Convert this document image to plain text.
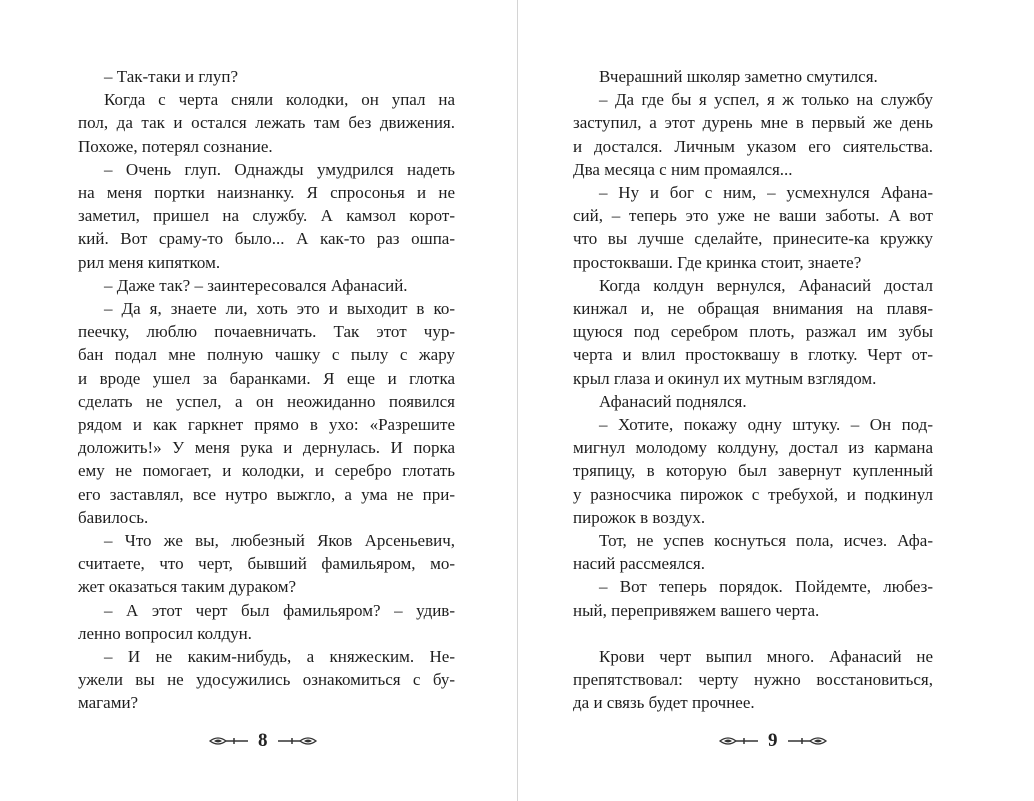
– Так-таки и глуп?
Когда с черта сняли колодки, он упал на
пол, да так и остался лежать там без движения.
Похоже, потерял сознание.
– Очень глуп. Однажды умудрился надеть
на меня портки наизнанку. Я спросонья и не
заметил, пришел на службу. А камзол корот-
кий. Вот сраму-то было... А как-то раз ошпа-
рил меня кипятком.
– Даже так? – заинтересовался Афанасий.
– Да я, знаете ли, хоть это и выходит в ко-
пеечку, люблю почаевничать. Так этот чур-
бан подал мне полную чашку с пылу с жару
и вроде ушел за баранками. Я еще и глотка
сделать не успел, а он неожиданно появился
рядом и как гаркнет прямо в ухо: «Разрешите
доложить!» У меня рука и дернулась. И порка
ему не помогает, и колодки, и серебро глотать
его заставлял, все нутро выжгло, а ума не при-
бавилось.
– Что же вы, любезный Яков Арсеньевич,
считаете, что черт, бывший фамильяром, мо-
жет оказаться таким дураком?
– А этот черт был фамильяром? – удив-
ленно вопросил колдун.
– И не каким-нибудь, а княжеским. Не-
ужели вы не удосужились ознакомиться с бу-
магами?
8
Вчерашний школяр заметно смутился.
– Да где бы я успел, я ж только на службу
заступил, а этот дурень мне в первый же день
и достался. Личным указом его сиятельства.
Два месяца с ним промаялся...
– Ну и бог с ним, – усмехнулся Афана-
сий, – теперь это уже не ваши заботы. А вот
что вы лучше сделайте, принесите-ка кружку
простокваши. Где кринка стоит, знаете?
Когда колдун вернулся, Афанасий достал
кинжал и, не обращая внимания на плавя-
щуюся под серебром плоть, разжал им зубы
черта и влил простоквашу в глотку. Черт от-
крыл глаза и окинул их мутным взглядом.
Афанасий поднялся.
– Хотите, покажу одну штуку. – Он под-
мигнул молодому колдуну, достал из кармана
тряпицу, в которую был завернут купленный
у разносчика пирожок с требухой, и подкинул
пирожок в воздух.
Тот, не успев коснуться пола, исчез. Афа-
насий рассмеялся.
– Вот теперь порядок. Пойдемте, любез-
ный, перепривяжем вашего черта.
Крови черт выпил много. Афанасий не
препятствовал: черту нужно восстановиться,
да и связь будет прочнее.
9
